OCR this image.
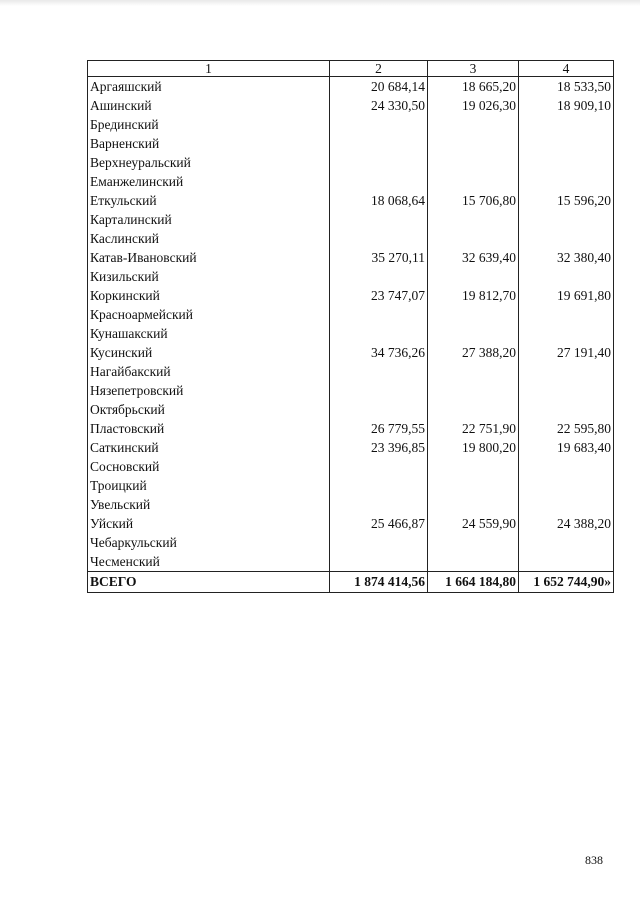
1	2	3	4
Аргаяшский	20 684,14	18 665,20	18 533,50
Ашинский	24 330,50	19 026,30	18 909,10
Брединский			
Варненский			
Верхнеуральский			
Еманжелинский			
Еткульский	18 068,64	15 706,80	15 596,20
Карталинский			
Каслинский			
Катав-Ивановский	35 270,11	32 639,40	32 380,40
Кизильский			
Коркинский	23 747,07	19 812,70	19 691,80
Красноармейский			
Кунашакский			
Кусинский	34 736,26	27 388,20	27 191,40
Нагайбакский			
Нязепетровский			
Октябрьский			
Пластовский	26 779,55	22 751,90	22 595,80
Саткинский	23 396,85	19 800,20	19 683,40
Сосновский			
Троицкий			
Увельский			
Уйский	25 466,87	24 559,90	24 388,20
Чебаркульский			
Чесменский			
ВСЕГО	1 874 414,56	1 664 184,80	1 652 744,90»
838
